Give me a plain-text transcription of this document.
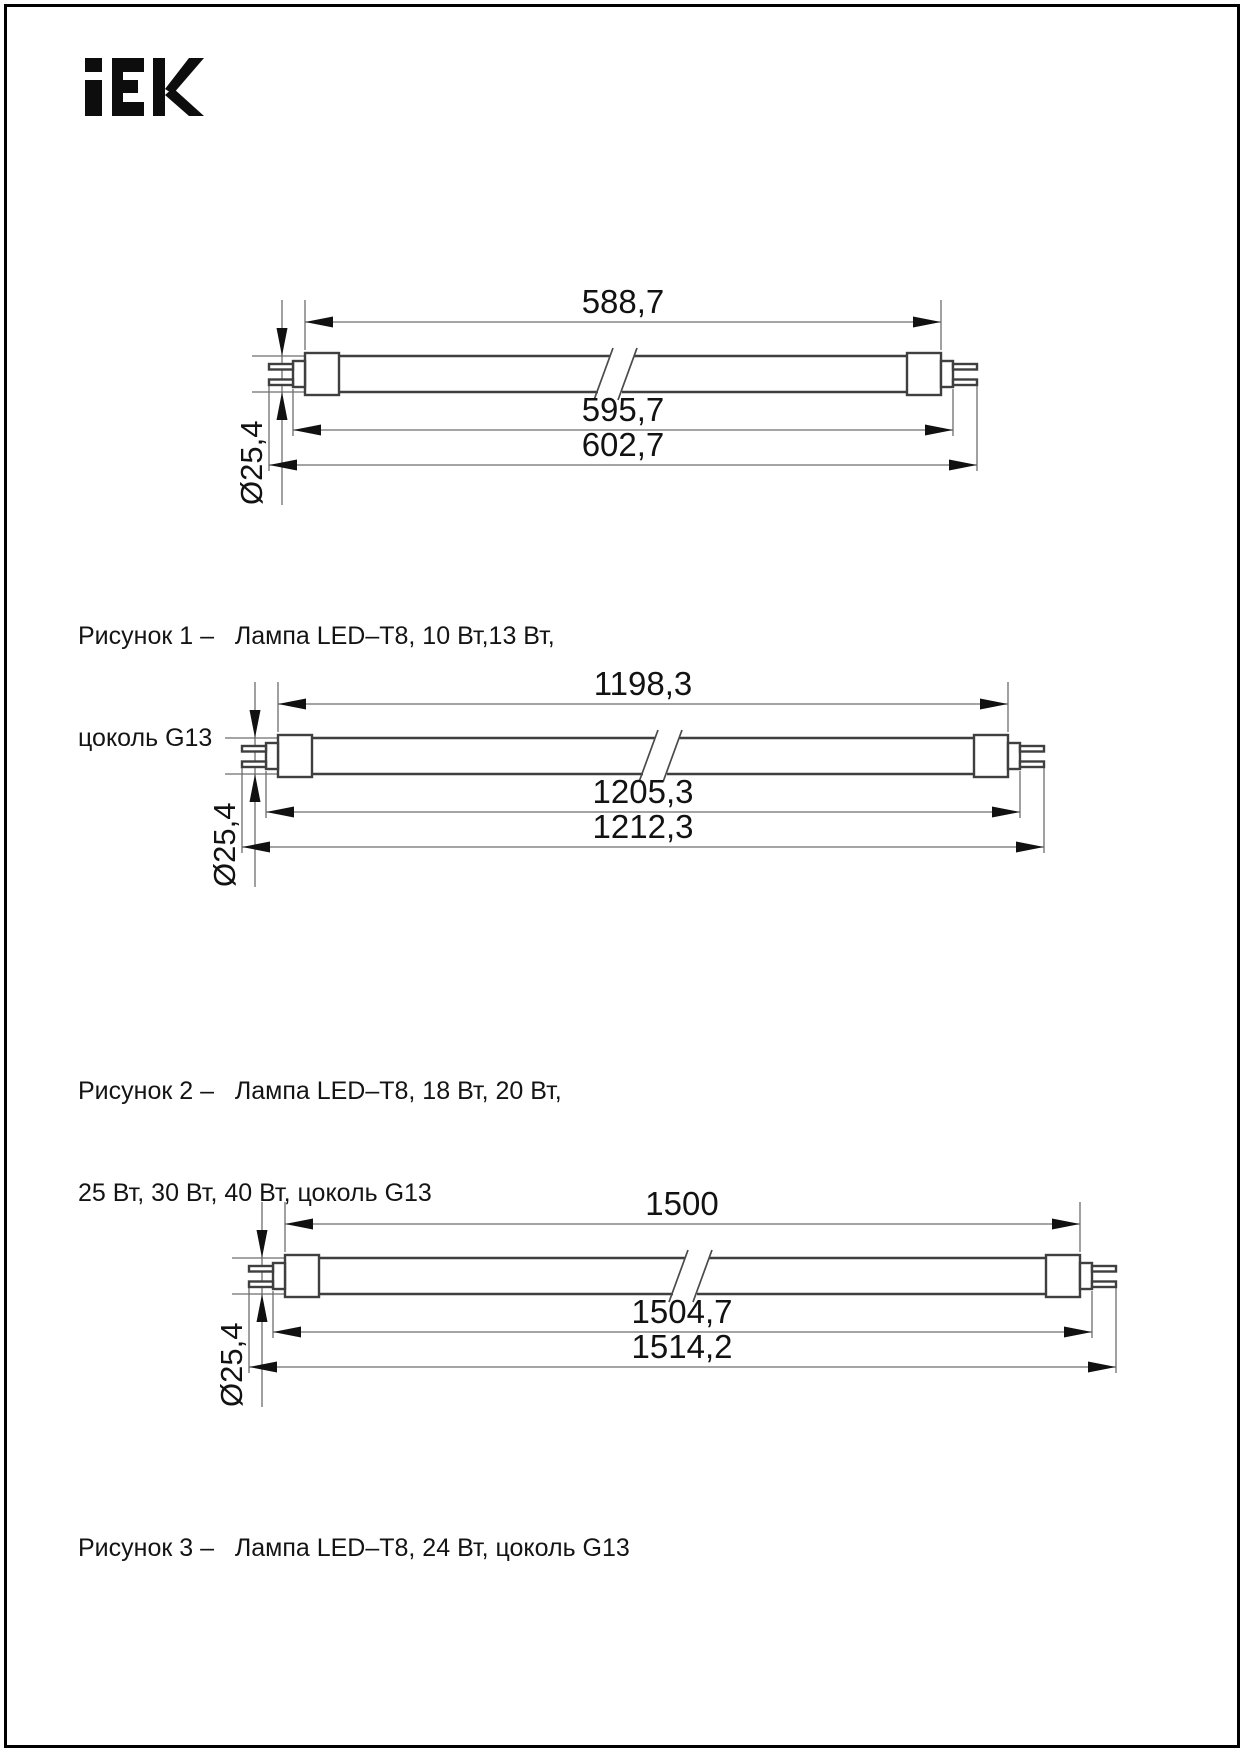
588,7
595,7
602,7
Ø25,4
1198,3
1205,3
1212,3
Ø25,4
1500
1504,7
1514,2
Ø25,4

Рисунок 1 –   Лампа LED–T8, 10 Вт,13 Вт,

цоколь G13

Рисунок 2 –   Лампа LED–T8, 18 Вт, 20 Вт,

25 Вт, 30 Вт, 40 Вт, цоколь G13

Рисунок 3 –   Лампа LED–T8, 24 Вт, цоколь G13
